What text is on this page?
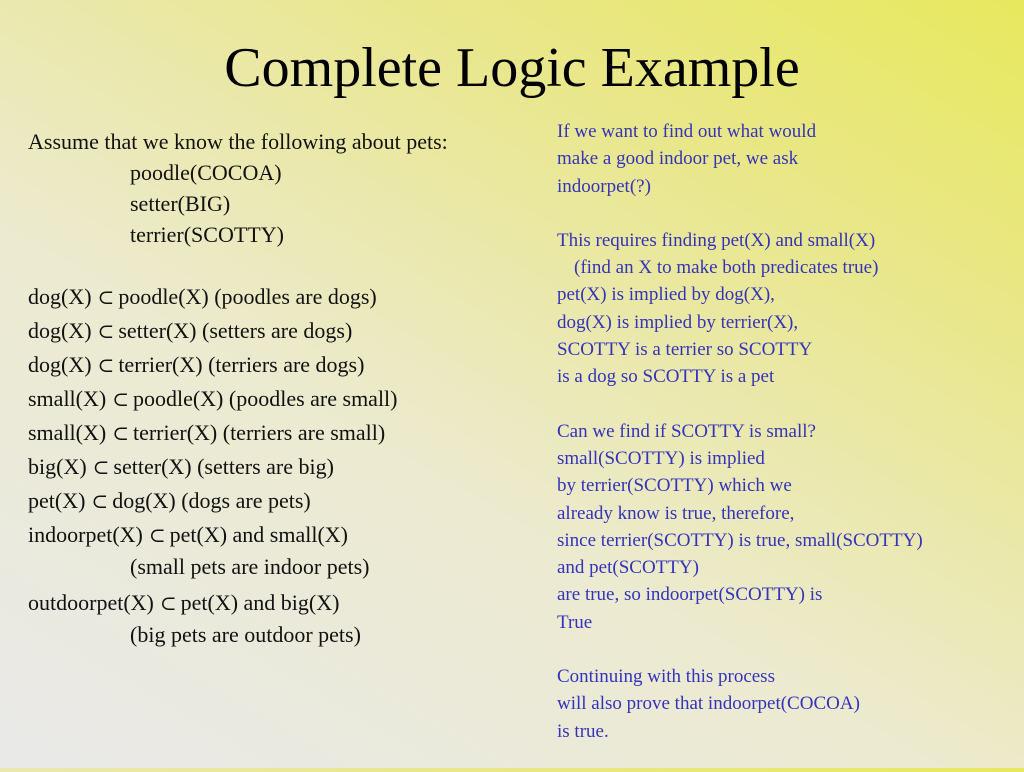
Complete Logic Example
Assume that we know the following about pets:
poodle(COCOA)
setter(BIG)
terrier(SCOTTY)
dog(X) ⊂ poodle(X) (poodles are dogs)
dog(X) ⊂ setter(X) (setters are dogs)
dog(X) ⊂ terrier(X) (terriers are dogs)
small(X) ⊂ poodle(X) (poodles are small)
small(X) ⊂ terrier(X) (terriers are small)
big(X) ⊂ setter(X) (setters are big)
pet(X) ⊂ dog(X) (dogs are pets)
indoorpet(X) ⊂ pet(X) and small(X)
(small pets are indoor pets)
outdoorpet(X) ⊂ pet(X) and big(X)
(big pets are outdoor pets)
If we want to find out what would
make a good indoor pet, we ask
indoorpet(?)
This requires finding pet(X) and small(X)
(find an X to make both predicates true)
pet(X) is implied by dog(X),
dog(X) is implied by terrier(X),
SCOTTY is a terrier so SCOTTY
is a dog so SCOTTY is a pet
Can we find if SCOTTY is small?
small(SCOTTY) is implied
by terrier(SCOTTY) which we
already know is true, therefore,
since terrier(SCOTTY) is true, small(SCOTTY)
and pet(SCOTTY)
are true, so indoorpet(SCOTTY) is
True
Continuing with this process
will also prove that indoorpet(COCOA)
is true.
